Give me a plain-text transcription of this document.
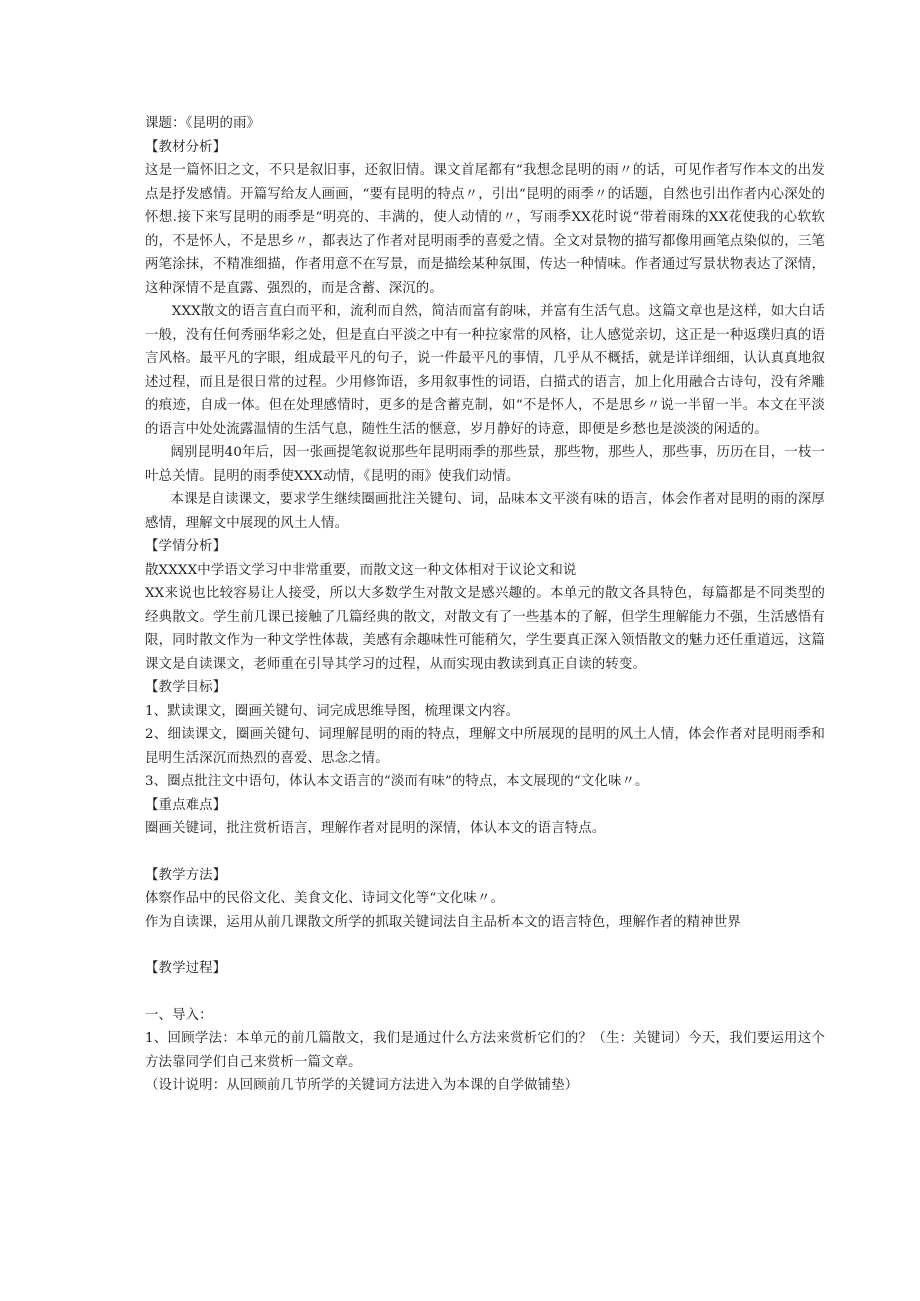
课题：《昆明的雨》

【教材分析】

这是一篇怀旧之文，不只是叙旧事，还叙旧情。课文首尾都有“我想念昆明的雨〃的话，可见作者写作本文的出发点是抒发感情。开篇写给友人画画，“要有昆明的特点〃，引出“昆明的雨季〃的话题，自然也引出作者内心深处的怀想.接下来写昆明的雨季是“明亮的、丰满的，使人动情的〃，写雨季XX花时说“带着雨珠的XX花使我的心软软的，不是怀人，不是思乡〃，都表达了作者对昆明雨季的喜爱之情。全文对景物的描写都像用画笔点染似的，三笔两笔涂抹，不精准细描，作者用意不在写景，而是描绘某种氛围，传达一种情味。作者通过写景状物表达了深情，这种深情不是直露、强烈的，而是含蓄、深沉的。

XXX散文的语言直白而平和，流利而自然，简洁而富有韵味，并富有生活气息。这篇文章也是这样，如大白话一般，没有任何秀丽华彩之处，但是直白平淡之中有一种拉家常的风格，让人感觉亲切，这正是一种返璞归真的语言风格。最平凡的字眼，组成最平凡的句子，说一件最平凡的事情，几乎从不概括，就是详详细细，认认真真地叙述过程，而且是很日常的过程。少用修饰语，多用叙事性的词语，白描式的语言，加上化用融合古诗句，没有斧雕的痕迹，自成一体。但在处理感情时，更多的是含蓄克制，如“不是怀人，不是思乡〃说一半留一半。本文在平淡的语言中处处流露温情的生活气息，随性生活的惬意，岁月静好的诗意，即便是乡愁也是淡淡的闲适的。

阔别昆明40年后，因一张画提笔叙说那些年昆明雨季的那些景，那些物，那些人，那些事，历历在目，一枝一叶总关情。昆明的雨季使XXX动情，《昆明的雨》使我们动情。

本课是自读课文，要求学生继续圈画批注关键句、词，品味本文平淡有味的语言，体会作者对昆明的雨的深厚感情，理解文中展现的风土人情。

【学情分析】

散XXXX中学语文学习中非常重要，而散文这一种文体相对于议论文和说

XX来说也比较容易让人接受，所以大多数学生对散文是感兴趣的。本单元的散文各具特色，每篇都是不同类型的经典散文。学生前几课已接触了几篇经典的散文，对散文有了一些基本的了解，但学生理解能力不强，生活感悟有限，同时散文作为一种文学性体裁，美感有余趣味性可能稍欠，学生要真正深入领悟散文的魅力还任重道远，这篇课文是自读课文，老师重在引导其学习的过程，从而实现由教读到真正自读的转变。

【教学目标】

1、默读课文，圈画关键句、词完成思维导图，梳理课文内容。

2、细读课文，圈画关键句、词理解昆明的雨的特点，理解文中所展现的昆明的风土人情，体会作者对昆明雨季和昆明生活深沉而热烈的喜爱、思念之情。

3、圈点批注文中语句，体认本文语言的“淡而有味”的特点，本文展现的“文化味〃。

【重点难点】

圈画关键词，批注赏析语言，理解作者对昆明的深情，体认本文的语言特点。

【教学方法】

体察作品中的民俗文化、美食文化、诗词文化等“文化味〃。

作为自读课，运用从前几课散文所学的抓取关键词法自主品析本文的语言特色，理解作者的精神世界

【教学过程】

一、导入：

1、回顾学法：本单元的前几篇散文，我们是通过什么方法来赏析它们的？（生：关键词）今天，我们要运用这个方法靠同学们自己来赏析一篇文章。

（设计说明：从回顾前几节所学的关键词方法进入为本课的自学做铺垫）
